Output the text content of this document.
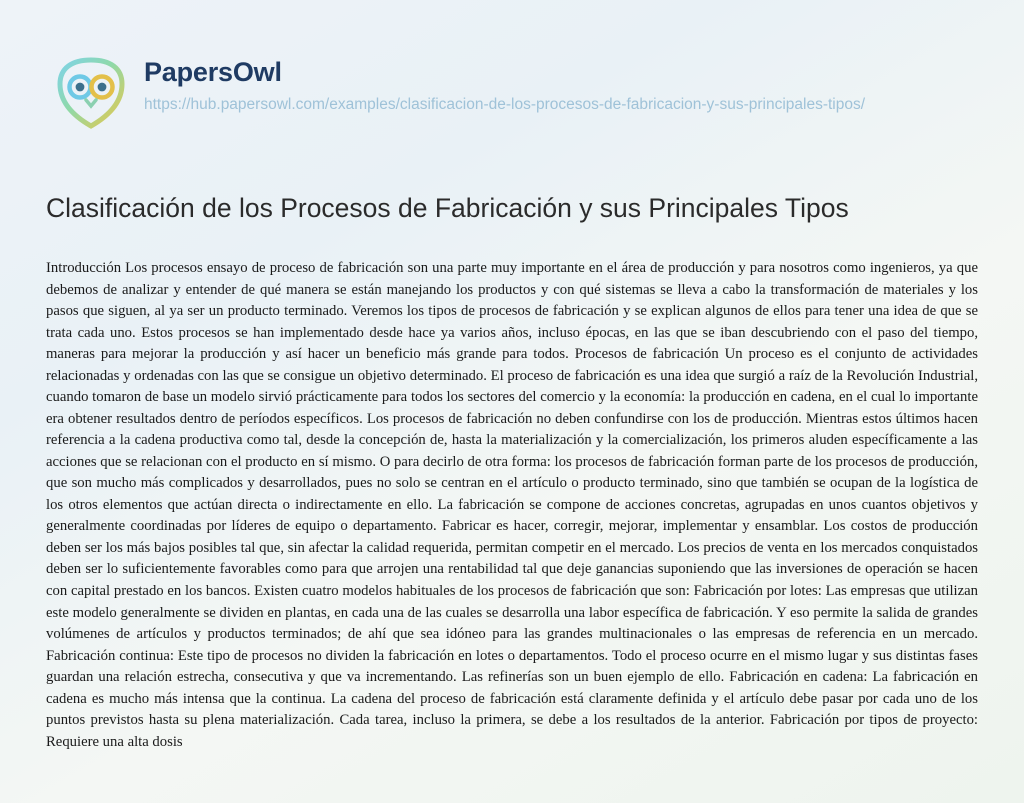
PapersOwl
https://hub.papersowl.com/examples/clasificacion-de-los-procesos-de-fabricacion-y-sus-principales-tipos/
Clasificación de los Procesos de Fabricación y sus Principales Tipos
Introducción Los procesos ensayo de proceso de fabricación son una parte muy importante en el área de producción y para nosotros como ingenieros, ya que debemos de analizar y entender de qué manera se están manejando los productos y con qué sistemas se lleva a cabo la transformación de materiales y los pasos que siguen, al ya ser un producto terminado. Veremos los tipos de procesos de fabricación y se explican algunos de ellos para tener una idea de que se trata cada uno. Estos procesos se han implementado desde hace ya varios años, incluso épocas, en las que se iban descubriendo con el paso del tiempo, maneras para mejorar la producción y así hacer un beneficio más grande para todos. Procesos de fabricación Un proceso es el conjunto de actividades relacionadas y ordenadas con las que se consigue un objetivo determinado. El proceso de fabricación es una idea que surgió a raíz de la Revolución Industrial, cuando tomaron de base un modelo sirvió prácticamente para todos los sectores del comercio y la economía: la producción en cadena, en el cual lo importante era obtener resultados dentro de períodos específicos. Los procesos de fabricación no deben confundirse con los de producción. Mientras estos últimos hacen referencia a la cadena productiva como tal, desde la concepción de, hasta la materialización y la comercialización, los primeros aluden específicamente a las acciones que se relacionan con el producto en sí mismo. O para decirlo de otra forma: los procesos de fabricación forman parte de los procesos de producción, que son mucho más complicados y desarrollados, pues no solo se centran en el artículo o producto terminado, sino que también se ocupan de la logística de los otros elementos que actúan directa o indirectamente en ello. La fabricación se compone de acciones concretas, agrupadas en unos cuantos objetivos y generalmente coordinadas por líderes de equipo o departamento. Fabricar es hacer, corregir, mejorar, implementar y ensamblar. Los costos de producción deben ser los más bajos posibles tal que, sin afectar la calidad requerida, permitan competir en el mercado. Los precios de venta en los mercados conquistados deben ser lo suficientemente favorables como para que arrojen una rentabilidad tal que deje ganancias suponiendo que las inversiones de operación se hacen con capital prestado en los bancos. Existen cuatro modelos habituales de los procesos de fabricación que son: Fabricación por lotes: Las empresas que utilizan este modelo generalmente se dividen en plantas, en cada una de las cuales se desarrolla una labor específica de fabricación. Y eso permite la salida de grandes volúmenes de artículos y productos terminados; de ahí que sea idóneo para las grandes multinacionales o las empresas de referencia en un mercado. Fabricación continua: Este tipo de procesos no dividen la fabricación en lotes o departamentos. Todo el proceso ocurre en el mismo lugar y sus distintas fases guardan una relación estrecha, consecutiva y que va incrementando. Las refinerías son un buen ejemplo de ello. Fabricación en cadena: La fabricación en cadena es mucho más intensa que la continua. La cadena del proceso de fabricación está claramente definida y el artículo debe pasar por cada uno de los puntos previstos hasta su plena materialización. Cada tarea, incluso la primera, se debe a los resultados de la anterior. Fabricación por tipos de proyecto: Requiere una alta dosis
